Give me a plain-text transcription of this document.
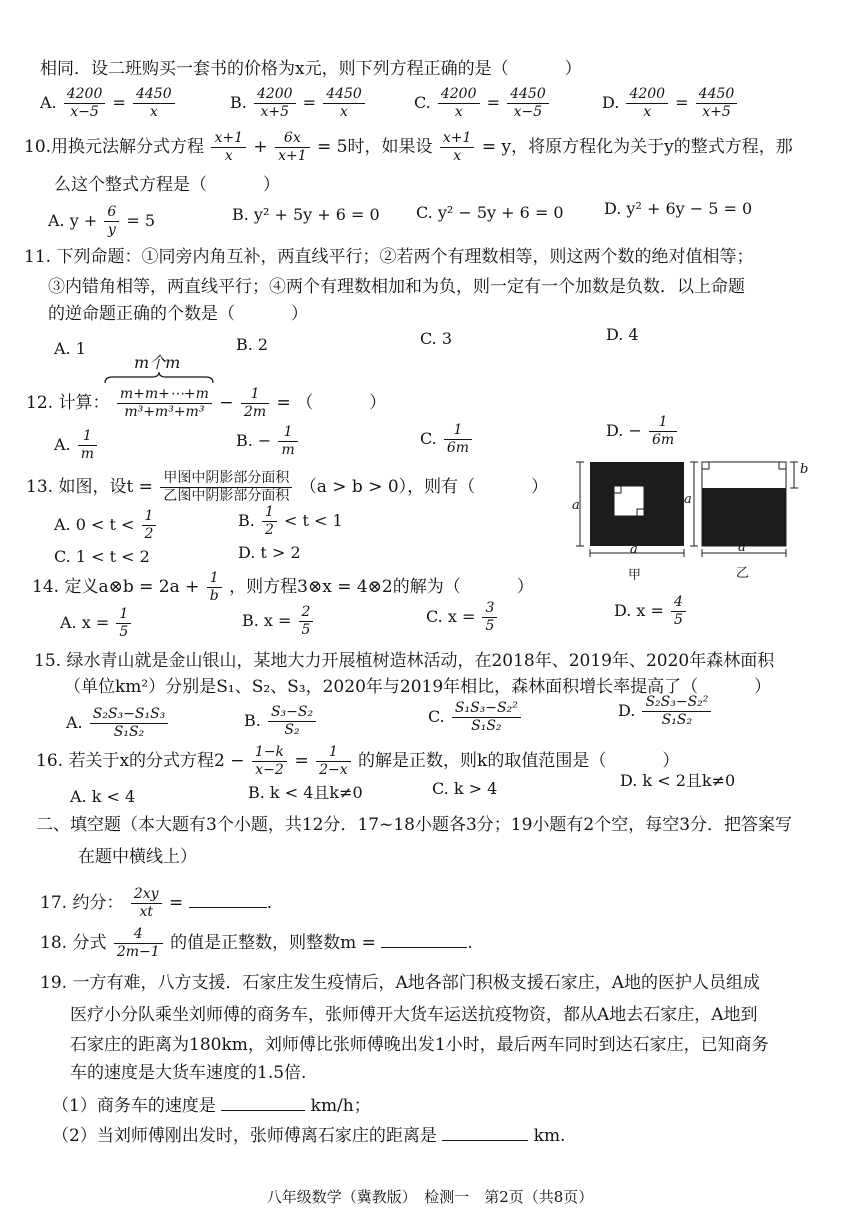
相同．设二班购买一套书的价格为x元，则下列方程正确的是（	）
A. $\frac{4200}{x-5} = \frac{4450}{x}$	B. $\frac{4200}{x+5} = \frac{4450}{x}$	C. $\frac{4200}{x} = \frac{4450}{x-5}$	D. $\frac{4200}{x} = \frac{4450}{x+5}$
10.用换元法解分式方程 $\frac{x+1}{x} + \frac{6x}{x+1} = 5$时，如果设 $\frac{x+1}{x} = y$，将原方程化为关于y的整式方程，那
么这个整式方程是（	）
A. $y + \frac{6}{y} = 5$	B. y² + 5y + 6 = 0 C. y² − 5y + 6 = 0	D. y² + 6y − 5 = 0
11. 下列命题：①同旁内角互补，两直线平行；②若两个有理数相等，则这两个数的绝对值相等；
③内错角相等，两直线平行；④两个有理数相加和为负，则一定有一个加数是负数．以上命题
的逆命题正确的个数是（	）
A. 1	B. 2	C. 3	D. 4
m个m
12. 计算： $\frac{m+m+\cdots+m}{\text{m³+m³+m³}} - \frac{1}{2m}$ = （	）
A. $\frac{1}{m}$	B. − $\frac{1}{m}$	C. $\frac{1}{6m}$	D. − $\frac{1}{6m}$
13. 如图，设$t = \frac{\text{甲图中阴影部分面积}}{\text{乙图中阴影部分面积}} (a > b > 0)$，则有（	）
A. $0 < t < \frac{1}{2}$	B. $\frac{1}{2} < t < 1$
C. 1 < t < 2	D. t > 2
a
a
甲
a
b
a
乙
14. 定义a⊗b = $2a + \frac{1}{b}$ ，则方程3⊗x = 4⊗2的解为（	）
A. $x = \frac{1}{5}$	B. $x = \frac{2}{5}$	C. $x = \frac{3}{5}$	D. $x = \frac{4}{5}$
15. 绿水青山就是金山银山，某地大力开展植树造林活动，在2018年、2019年、2020年森林面积
（单位km²）分别是S₁、S₂、S₃，2020年与2019年相比，森林面积增长率提高了（	）
A. $\frac{\text{S₂S₃−S₁S₃}}{\text{S₁S₂}}$	B. $\frac{\text{S₃−S₂}}{\text{S₂}}$	C. $\frac{\text{S₁S₃−S₂²}}{\text{S₁S₂}}$	D. $\frac{\text{S₂S₃−S₂²}}{\text{S₁S₂}}$
16. 若关于x的分式方程$2 - \frac{1-k}{x-2} = \frac{1}{2-x}$ 的解是正数，则k的取值范围是（	）
A. k < 4	B. k < 4且k≠0	C. k > 4	D. k < 2且k≠0
二、填空题（本大题有3个小题，共12分．17~18小题各3分；19小题有2个空，每空3分．把答案写
在题中横线上）
17. 约分： $\frac{2xy}{xt}$ =	.
18. 分式 $\frac{4}{2m-1}$ 的值是正整数，则整数m =	.
19. 一方有难，八方支援．石家庄发生疫情后，A地各部门积极支援石家庄，A地的医护人员组成
医疗小分队乘坐刘师傅的商务车，张师傅开大货车运送抗疫物资，都从A地去石家庄，A地到
石家庄的距离为180km，刘师傅比张师傅晚出发1小时，最后两车同时到达石家庄，已知商务
车的速度是大货车速度的1.5倍.
（1）商务车的速度是	km/h；
（2）当刘师傅刚出发时，张师傅离石家庄的距离是	km.
八年级数学（冀教版）　检测一　第2页（共8页）
